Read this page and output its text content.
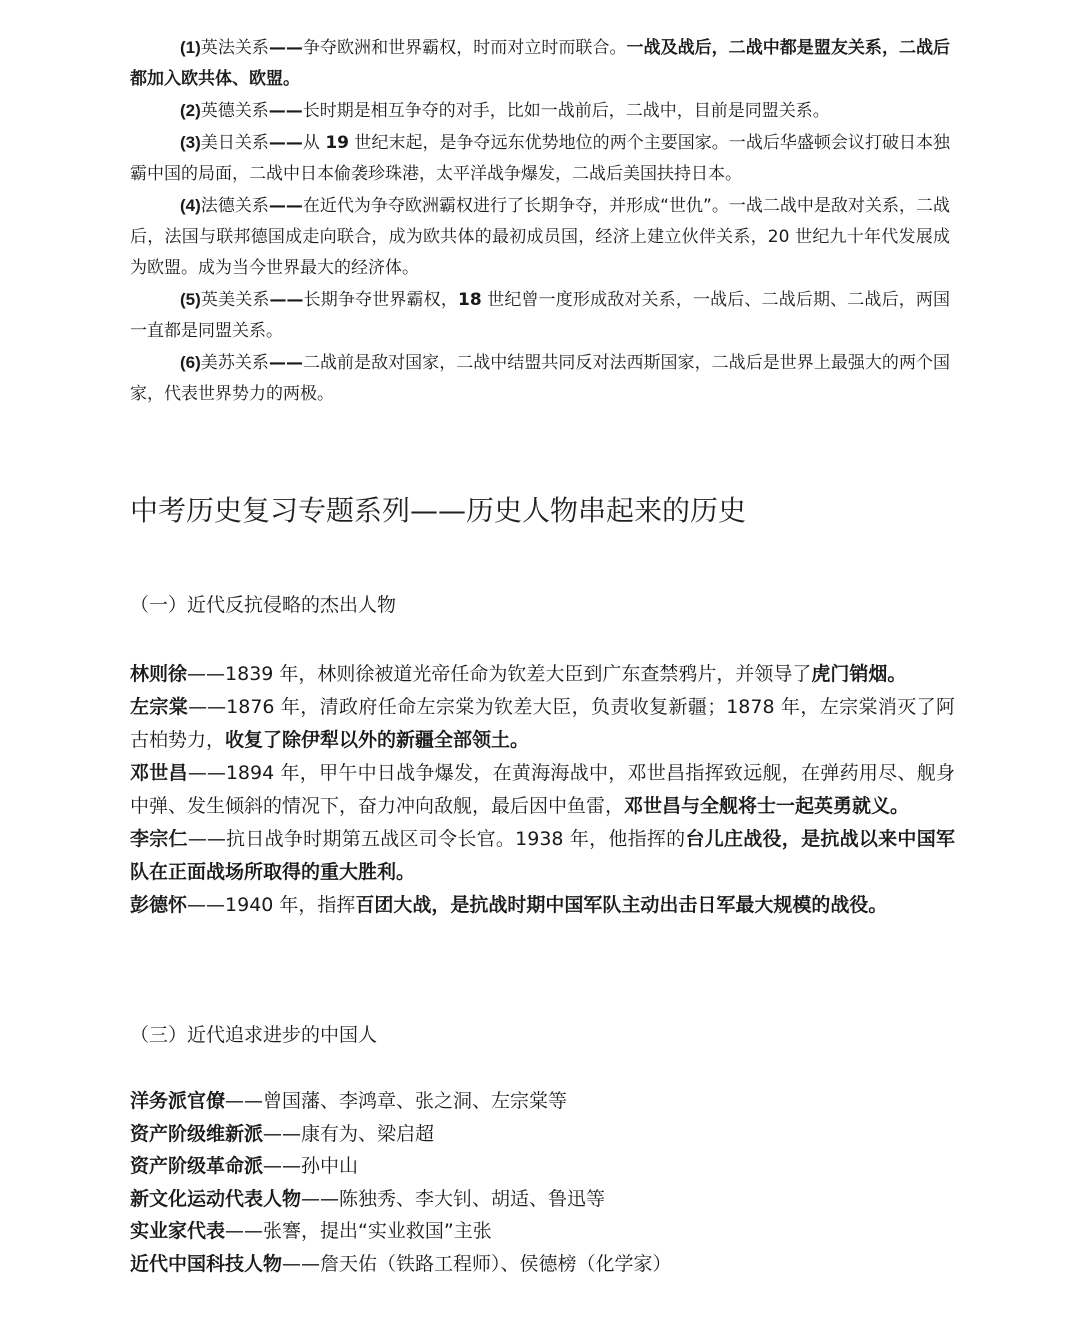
(1)英法关系——争夺欧洲和世界霸权，时而对立时而联合。一战及战后，二战中都是盟友关系，二战后都加入欧共体、欧盟。

(2)英德关系——长时期是相互争夺的对手，比如一战前后，二战中，目前是同盟关系。

(3)美日关系——从 19 世纪末起，是争夺远东优势地位的两个主要国家。一战后华盛顿会议打破日本独霸中国的局面，二战中日本偷袭珍珠港，太平洋战争爆发，二战后美国扶持日本。

(4)法德关系——在近代为争夺欧洲霸权进行了长期争夺，并形成“世仇”。一战二战中是敌对关系，二战后，法国与联邦德国成走向联合，成为欧共体的最初成员国，经济上建立伙伴关系，20 世纪九十年代发展成为欧盟。成为当今世界最大的经济体。

(5)英美关系——长期争夺世界霸权，18 世纪曾一度形成敌对关系，一战后、二战后期、二战后，两国一直都是同盟关系。

(6)美苏关系——二战前是敌对国家，二战中结盟共同反对法西斯国家，二战后是世界上最强大的两个国家，代表世界势力的两极。

中考历史复习专题系列——历史人物串起来的历史
（一）近代反抗侵略的杰出人物

林则徐——1839 年，林则徐被道光帝任命为钦差大臣到广东查禁鸦片，并领导了虎门销烟。

左宗棠——1876 年，清政府任命左宗棠为钦差大臣，负责收复新疆；1878 年，左宗棠消灭了阿古柏势力，收复了除伊犁以外的新疆全部领土。

邓世昌——1894 年，甲午中日战争爆发，在黄海海战中，邓世昌指挥致远舰，在弹药用尽、舰身中弹、发生倾斜的情况下，奋力冲向敌舰，最后因中鱼雷，邓世昌与全舰将士一起英勇就义。

李宗仁——抗日战争时期第五战区司令长官。1938 年，他指挥的台儿庄战役，是抗战以来中国军队在正面战场所取得的重大胜利。

彭德怀——1940 年，指挥百团大战，是抗战时期中国军队主动出击日军最大规模的战役。

（三）近代追求进步的中国人

洋务派官僚——曾国藩、李鸿章、张之洞、左宗棠等

资产阶级维新派——康有为、梁启超

资产阶级革命派——孙中山

新文化运动代表人物——陈独秀、李大钊、胡适、鲁迅等

实业家代表——张謇，提出“实业救国”主张

近代中国科技人物——詹天佑（铁路工程师）、侯德榜（化学家）
